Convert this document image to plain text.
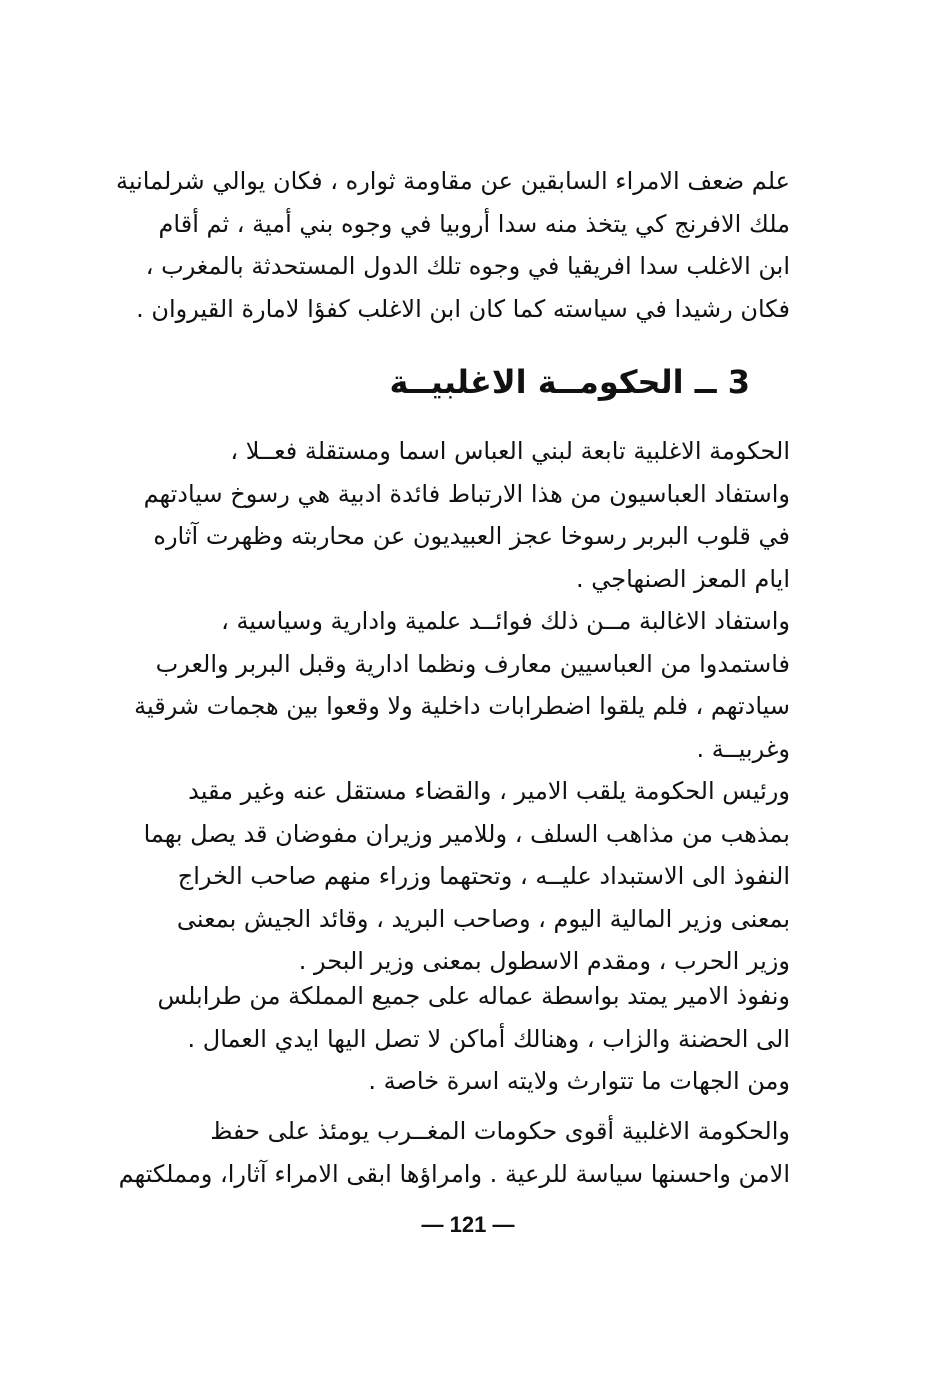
علم ضعف الامراء السابقين عن مقاومة ثواره ، فكان يوالي شرلمانية
ملك الافرنج كي يتخذ منه سدا أروبيا في وجوه بني أمية ، ثم أقام
ابن الاغلب سدا افريقيا في وجوه تلك الدول المستحدثة بالمغرب ،
فكان رشيدا في سياسته كما كان ابن الاغلب كفؤا لامارة القيروان .
3 ــ الحكومــة الاغلبيــة
الحكومة الاغلبية تابعة لبني العباس اسما ومستقلة فعــلا ،
واستفاد العباسيون من هذا الارتباط فائدة ادبية هي رسوخ سيادتهم
في قلوب البربر رسوخا عجز العبيديون عن محاربته وظهرت آثاره
ايام المعز الصنهاجي .
واستفاد الاغالبة مــن ذلك فوائــد علمية وادارية وسياسية ،
فاستمدوا من العباسيين معارف ونظما ادارية وقبل البربر والعرب
سيادتهم ، فلم يلقوا اضطرابات داخلية ولا وقعوا بين هجمات شرقية
وغربيــة .
ورئيس الحكومة يلقب الامير ، والقضاء مستقل عنه وغير مقيد
بمذهب من مذاهب السلف ، وللامير وزيران مفوضان قد يصل بهما
النفوذ الى الاستبداد عليــه ، وتحتهما وزراء منهم صاحب الخراج
بمعنى وزير المالية اليوم ، وصاحب البريد ، وقائد الجيش بمعنى
وزير الحرب ، ومقدم الاسطول بمعنى وزير البحر .
ونفوذ الامير يمتد بواسطة عماله على جميع المملكة من طرابلس
الى الحضنة والزاب ، وهنالك أماكن لا تصل اليها ايدي العمال .
ومن الجهات ما تتوارث ولايته اسرة خاصة .
والحكومة الاغلبية أقوى حكومات المغــرب يومئذ على حفظ
الامن واحسنها سياسة للرعية . وامراؤها ابقى الامراء آثارا، ومملكتهم
— 121 —
